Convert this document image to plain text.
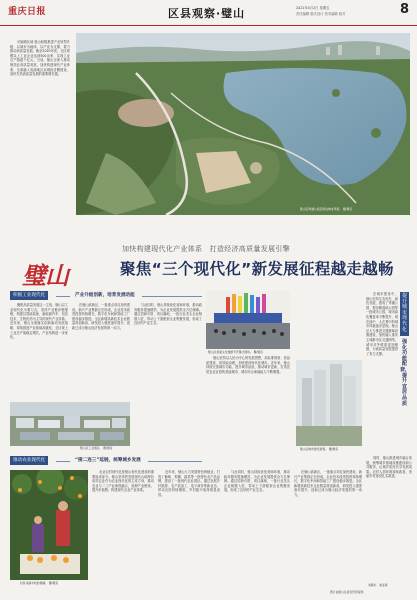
重庆日报	区县观察·璧山	2021年4月2日 星期五
责任编辑 版式设计 美术编辑 校对	8

可编辑区域 璧山积极推进产业转型升级，以城市为载体，以产业为支撑，着力推动高质量发展。截至2020年底，全区规模以上工业企业达到500余家，实现工业总产值超千亿元。当前，璧山正深入推动制造业高质量发展，加快构建现代产业体系，全面融入成渝地区双城经济圈建设，加快打造高质量发展的重要增长极。

璧山区秀湖公园及周边城市风貌。 摄/璧宣
加快构建现代化产业体系　打造经济高质量发展引擎
璧山	聚焦“三个现代化”新发展征程越走越畅
积极工业现代化	产业升级创新，培育发展动能

聚焦高质量发展这一主线，璧山以工业现代化为着力点，坚持产业链补链强链，构建以智能装备、新能源汽车、信息技术、生物医药为主导的现代产业体系。近年来，璧山全面落实创新驱动发展战略，持续推进产业基础高级化，全区规上工业总产值稳定增长，产业结构进一步优化。

在璧山高新区，一批重点项目加快建设，新兴产业集群正在形成。企业技术改造投资持续增长，数字化车间和智能工厂建设稳步推进。全区新增高新技术企业数量再创新高，研发投入强度逐年提升，创新已成为璧山经济发展的第一动力。

与此同时，璧山持续优化营商环境，推动政务服务提速增效，为企业发展提供全方位保障。通过招商引资、项目落地，一批行业龙头企业相继入驻，带动上下游配套企业集聚发展，形成了良好的产业生态。

璧山区工业园区。 摄/璧宣
璧山区首届文化旅游节开幕式现场。 摄/璧宣

璧山坚持以人民为中心的发展思想，高标准规划、高品质建设、高效能治理，加快建设现代化城市。近年来，璧山持续完善城市功能，提升城市品质，推动城市更新，打造宜居宜业宜游的美丽城市，城市综合承载能力不断增强。

璧山区城市建设新貌。 摄/璧宣
提升城市现代化
强化功能配套，提升宜居品质

在城市建设中，璧山坚持生态优先、绿色发展，建成了秀湖公园、观音塘湿地公园等一批城市公园，城市绿化覆盖率不断提升，城在绿中、人在景中的城市风貌逐步显现。璧山还大力推进交通基础设施建设，加快融入重庆主城都市区交通网络，城市对外联系更加便捷，为高质量发展提供了有力支撑。

同时，璧山推进城乡融合发展，统筹城乡基础设施建设和公共服务，让城乡居民共享发展成果。农村人居环境持续改善，美丽乡村建设扎实推进。

推动农业现代化	“接二连三”延链，统筹城乡发展
村民采摘丰收的柑橘。 摄/璧宣

农业农村现代化是璧山现代化建设的重要组成部分。璧山坚持把发展现代山地特色高效农业作为农业现代化的主攻方向，推动农业与二三产业深度融合，延伸产业链条，提升价值链，构建现代农业产业体系。

近年来，璧山大力发展特色种植业，打造了葡萄、柑橘、蔬菜等一批特色农产品品牌，建设了一批现代农业园区。通过发展乡村旅游、农产品加工、电子商务等新业态，带动农民持续增收，乡村振兴取得明显成效。

与此同时，璧山持续优化营商环境，推动政务服务提速增效，为企业发展提供全方位保障。通过招商引资、项目落地，一批行业龙头企业相继入驻，带动上下游配套企业集聚发展，形成了良好的产业生态。

在璧山高新区，一批重点项目加快建设，新兴产业集群正在形成。企业技术改造投资持续增长，数字化车间和智能工厂建设稳步推进。全区新增高新技术企业数量再创新高，研发投入强度逐年提升，创新已成为璧山经济发展的第一动力。

刘翰书　姚亚梅
图片由璧山区委宣传部提供
